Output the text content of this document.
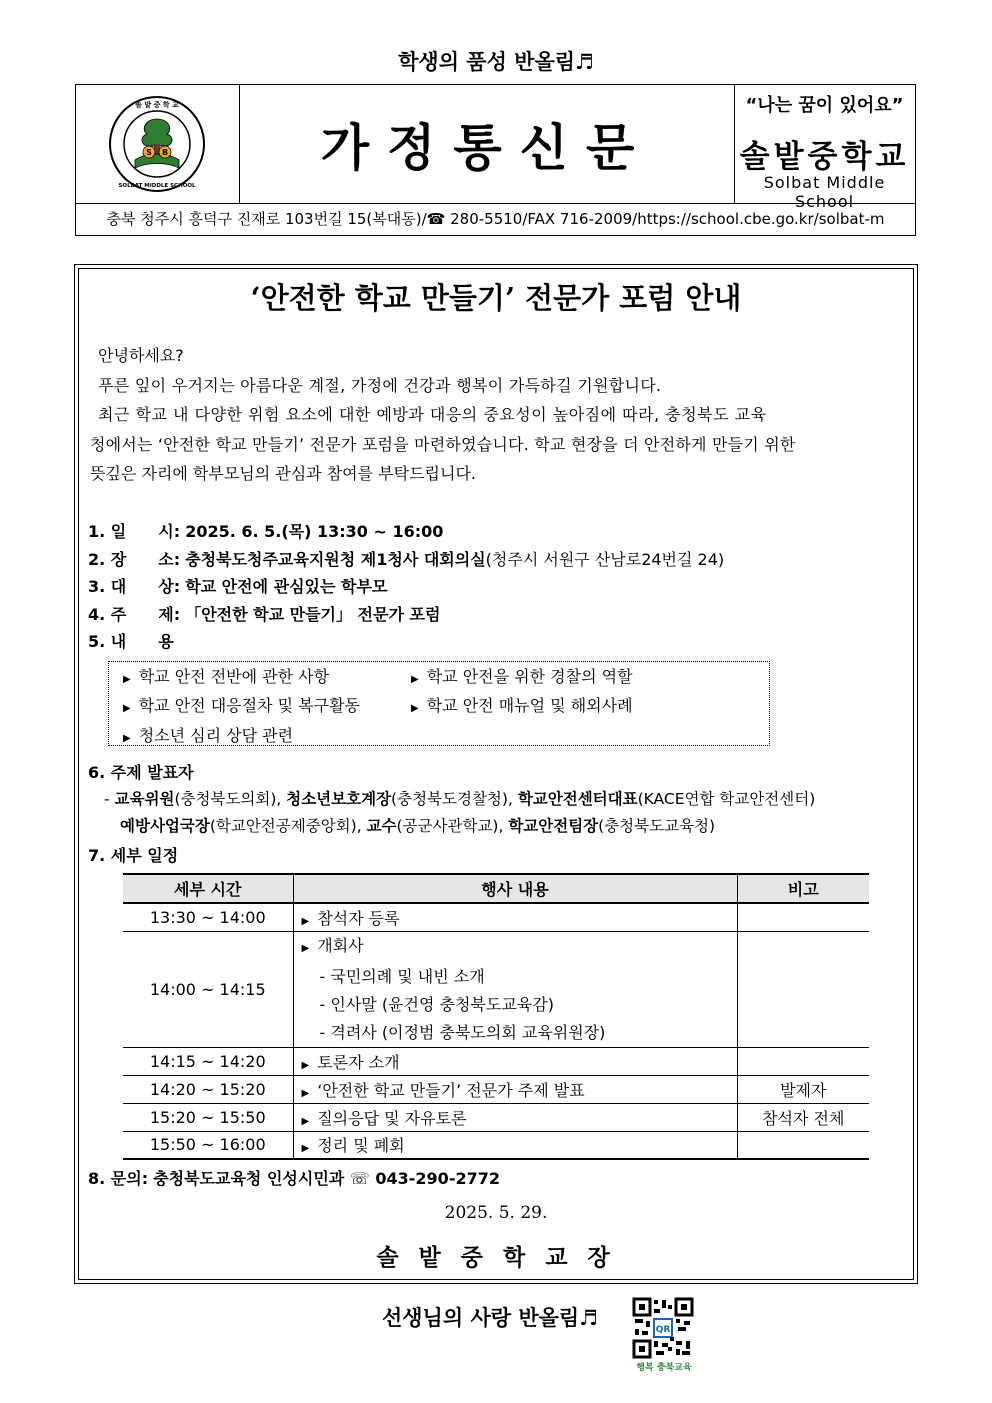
학생의 품성 반올림♬
S B
솔 밭 중 학 교
SOLBAT MIDDLE SCHOOL
가정통신문
“나는 꿈이 있어요”
솔밭중학교
Solbat Middle School
충북 청주시 흥덕구 진재로 103번길 15(복대동)/☎ 280-5510/FAX 716-2009/https://school.cbe.go.kr/solbat-m
‘안전한 학교 만들기’ 전문가 포럼 안내
안녕하세요?
푸른 잎이 우거지는 아름다운 계절, 가정에 건강과 행복이 가득하길 기원합니다.
최근 학교 내 다양한 위험 요소에 대한 예방과 대응의 중요성이 높아짐에 따라, 충청북도 교육
청에서는 ‘안전한 학교 만들기’ 전문가 포럼을 마련하였습니다. 학교 현장을 더 안전하게 만들기 위한
뜻깊은 자리에 학부모님의 관심과 참여를 부탁드립니다.
1. 일　　시: 2025. 6. 5.(목) 13:30 ~ 16:00
2. 장　　소: 충청북도청주교육지원청 제1청사 대회의실(청주시 서원구 산남로24번길 24)
3. 대　　상: 학교 안전에 관심있는 학부모
4. 주　　제: 「안전한 학교 만들기」 전문가 포럼
5. 내　　용
▶ 학교 안전 전반에 관한 사항	▶ 학교 안전을 위한 경찰의 역할
▶ 학교 안전 대응절차 및 복구활동	▶ 학교 안전 매뉴얼 및 해외사례
▶ 청소년 심리 상담 관련
6. 주제 발표자
- 교육위원(충청북도의회), 청소년보호계장(충청북도경찰청), 학교안전센터대표(KACE연합 학교안전센터)
예방사업국장(학교안전공제중앙회), 교수(공군사관학교), 학교안전팀장(충청북도교육청)
7. 세부 일정
세부 시간	행사 내용	비고
13:30 ~ 14:00	▶ 참석자 등록	
14:00 ~ 14:15	▶ 개회사
- 국민의례 및 내빈 소개
- 인사말 (윤건영 충청북도교육감)
- 격려사 (이정범 충북도의회 교육위원장)	

14:15 ~ 14:20	▶ 토론자 소개	
14:20 ~ 15:20	▶ ‘안전한 학교 만들기’ 전문가 주제 발표	발제자
15:20 ~ 15:50	▶ 질의응답 및 자유토론	참석자 전체
15:50 ~ 16:00	▶ 정리 및 폐회	
8. 문의: 충청북도교육청 인성시민과 ☏ 043-290-2772
2025. 5. 29.
솔 밭 중 학 교 장
선생님의 사랑 반올림♬	QR
행복 충북교육
